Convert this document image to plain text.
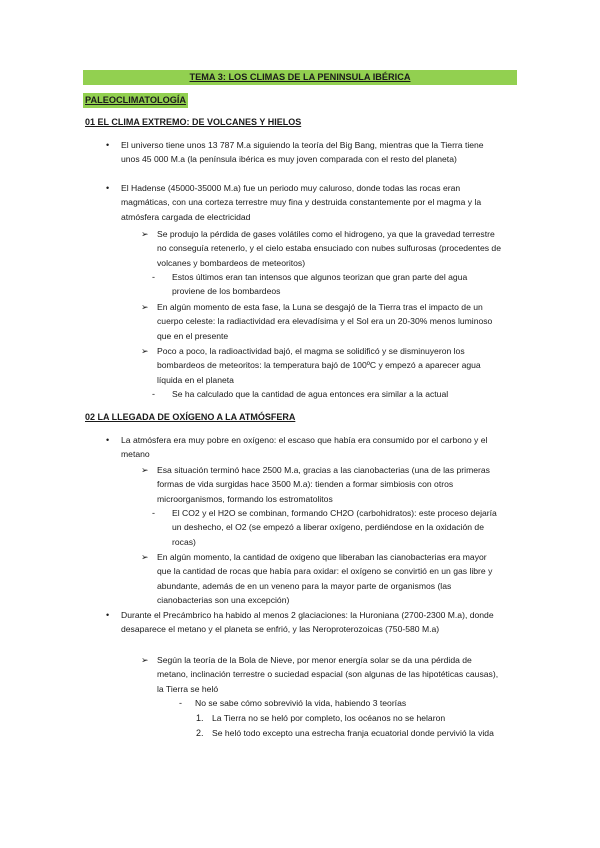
TEMA 3: LOS CLIMAS DE LA PENINSULA IBÉRICA
PALEOCLIMATOLOGÍA
01 EL CLIMA EXTREMO: DE VOLCANES Y HIELOS
• El universo tiene unos 13 787 M.a siguiendo la teoría del Big Bang, mientras que la Tierra tiene unos 45 000 M.a (la península ibérica es muy joven comparada con el resto del planeta)
• El Hadense (45000-35000 M.a) fue un periodo muy caluroso, donde todas las rocas eran magmáticas, con una corteza terrestre muy fina y destruida constantemente por el magma y la atmósfera cargada de electricidad
➢ Se produjo la pérdida de gases volátiles como el hidrogeno, ya que la gravedad terrestre no conseguía retenerlo, y el cielo estaba ensuciado con nubes sulfurosas (procedentes de volcanes y bombardeos de meteoritos)
- Estos últimos eran tan intensos que algunos teorizan que gran parte del agua proviene de los bombardeos
➢ En algún momento de esta fase, la Luna se desgajó de la Tierra tras el impacto de un cuerpo celeste: la radiactividad era elevadísima y el Sol era un 20-30% menos luminoso que en el presente
➢ Poco a poco, la radioactividad bajó, el magma se solidificó y se disminuyeron los bombardeos de meteoritos: la temperatura bajó de 100ºC y empezó a aparecer agua líquida en el planeta
- Se ha calculado que la cantidad de agua entonces era similar a la actual
02 LA LLEGADA DE OXÍGENO A LA ATMÓSFERA
• La atmósfera era muy pobre en oxígeno: el escaso que había era consumido por el carbono y el metano
➢ Esa situación terminó hace 2500 M.a, gracias a las cianobacterias (una de las primeras formas de vida surgidas hace 3500 M.a): tienden a formar simbiosis con otros microorganismos, formando los estromatolitos
- El CO2 y el H2O se combinan, formando CH2O (carbohidratos): este proceso dejaría un deshecho, el O2 (se empezó a liberar oxígeno, perdiéndose en la oxidación de rocas)
➢ En algún momento, la cantidad de oxigeno que liberaban las cianobacterias era mayor que la cantidad de rocas que había para oxidar: el oxígeno se convirtió en un gas libre y abundante, además de en un veneno para la mayor parte de organismos (las cianobacterias son una excepción)
• Durante el Precámbrico ha habido al menos 2 glaciaciones: la Huroniana (2700-2300 M.a), donde desaparece el metano y el planeta se enfrió, y las Neroproterozoicas (750-580 M.a)
➢ Según la teoría de la Bola de Nieve, por menor energía solar se da una pérdida de metano, inclinación terrestre o suciedad espacial (son algunas de las hipotéticas causas), la Tierra se heló
- No se sabe cómo sobrevivió la vida, habiendo 3 teorías
1. La Tierra no se heló por completo, los océanos no se helaron
2. Se heló todo excepto una estrecha franja ecuatorial donde pervivió la vida
